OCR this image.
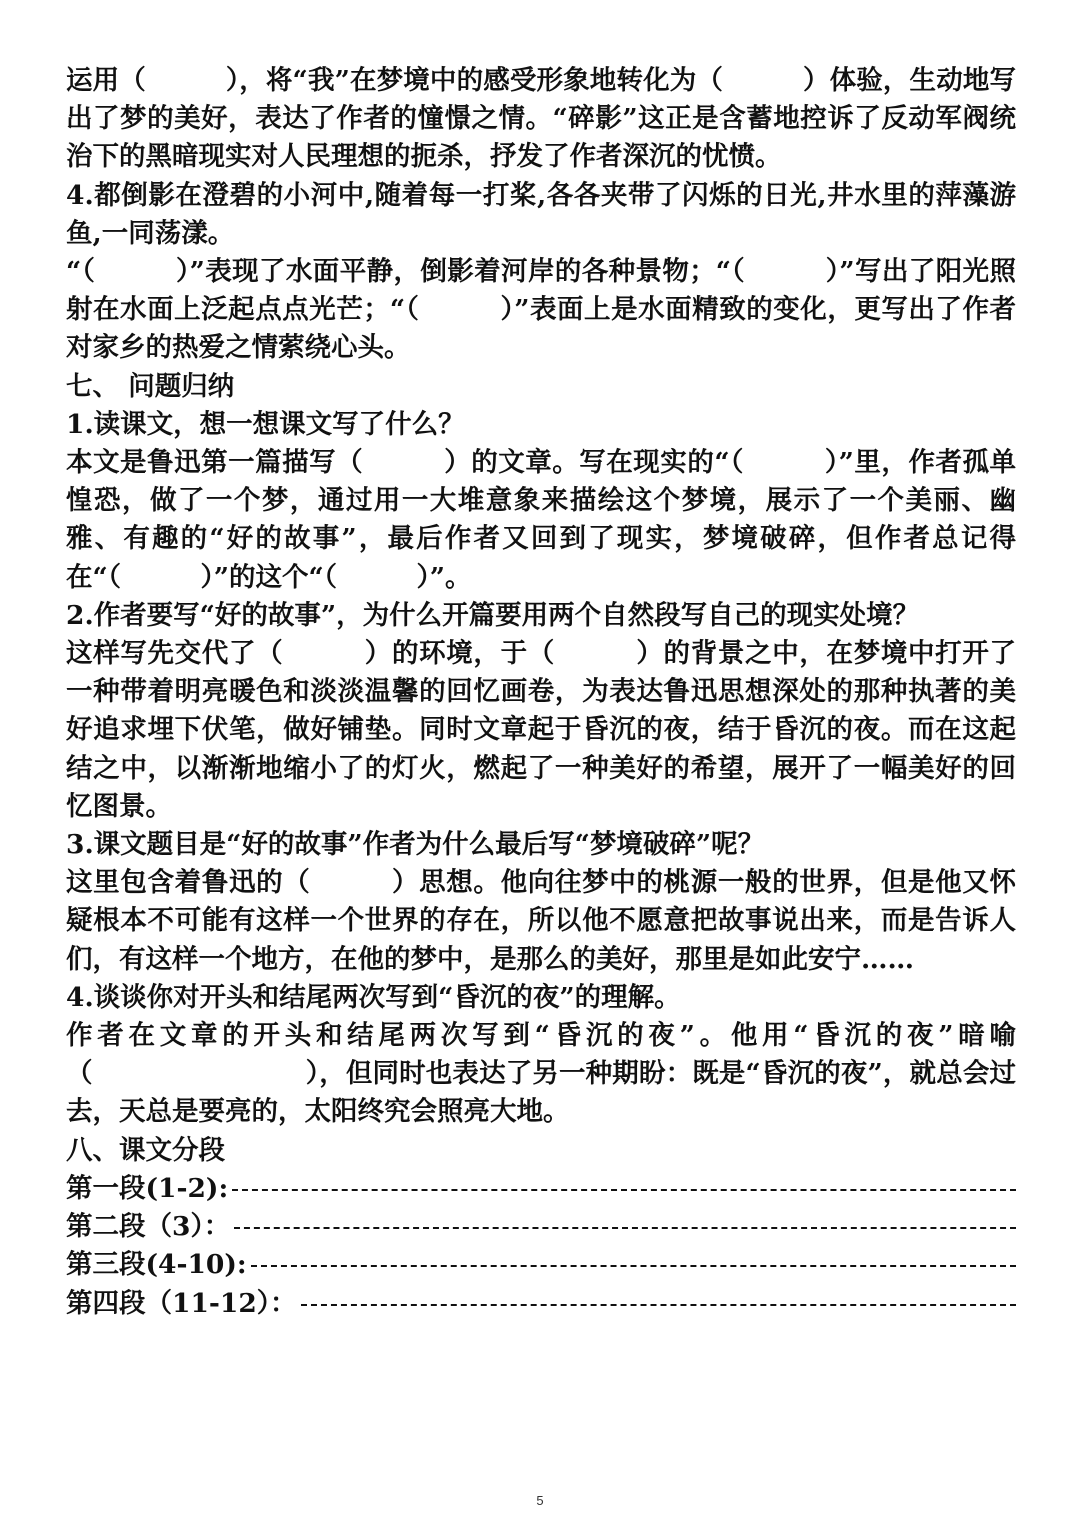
运用（　　　），将“我”在梦境中的感受形象地转化为（　　　）体验，生动地写出了梦的美好，表达了作者的憧憬之情。“碎影”这正是含蓄地控诉了反动军阀统治下的黑暗现实对人民理想的扼杀，抒发了作者深沉的忧愤。

4.都倒影在澄碧的小河中,随着每一打桨,各各夹带了闪烁的日光,井水里的萍藻游鱼,一同荡漾。

“（　　　）”表现了水面平静，倒影着河岸的各种景物；“（　　　）”写出了阳光照射在水面上泛起点点光芒；“（　　　）”表面上是水面精致的变化，更写出了作者对家乡的热爱之情萦绕心头。

七、 问题归纳

1.读课文，想一想课文写了什么？

本文是鲁迅第一篇描写（　　　）的文章。写在现实的“（　　　）”里，作者孤单惶恐，做了一个梦，通过用一大堆意象来描绘这个梦境，展示了一个美丽、幽雅、有趣的“好的故事”，最后作者又回到了现实，梦境破碎，但作者总记得在“（　　　）”的这个“（　　　）”。

2.作者要写“好的故事”，为什么开篇要用两个自然段写自己的现实处境？

这样写先交代了（　　　）的环境，于（　　　）的背景之中，在梦境中打开了一种带着明亮暖色和淡淡温馨的回忆画卷，为表达鲁迅思想深处的那种执著的美好追求埋下伏笔，做好铺垫。同时文章起于昏沉的夜，结于昏沉的夜。而在这起结之中，以渐渐地缩小了的灯火，燃起了一种美好的希望，展开了一幅美好的回忆图景。

3.课文题目是“好的故事”作者为什么最后写“梦境破碎”呢？

这里包含着鲁迅的（　　　）思想。他向往梦中的桃源一般的世界，但是他又怀疑根本不可能有这样一个世界的存在，所以他不愿意把故事说出来，而是告诉人们，有这样一个地方，在他的梦中，是那么的美好，那里是如此安宁……

4.谈谈你对开头和结尾两次写到“昏沉的夜”的理解。

作者在文章的开头和结尾两次写到“昏沉的夜”。他用“昏沉的夜”暗喻（　　　　　　　　），但同时也表达了另一种期盼：既是“昏沉的夜”，就总会过去，天总是要亮的，太阳终究会照亮大地。

八、课文分段

第一段(1-2):
第二段（3）：
第三段(4-10):
第四段（11-12）：
5
